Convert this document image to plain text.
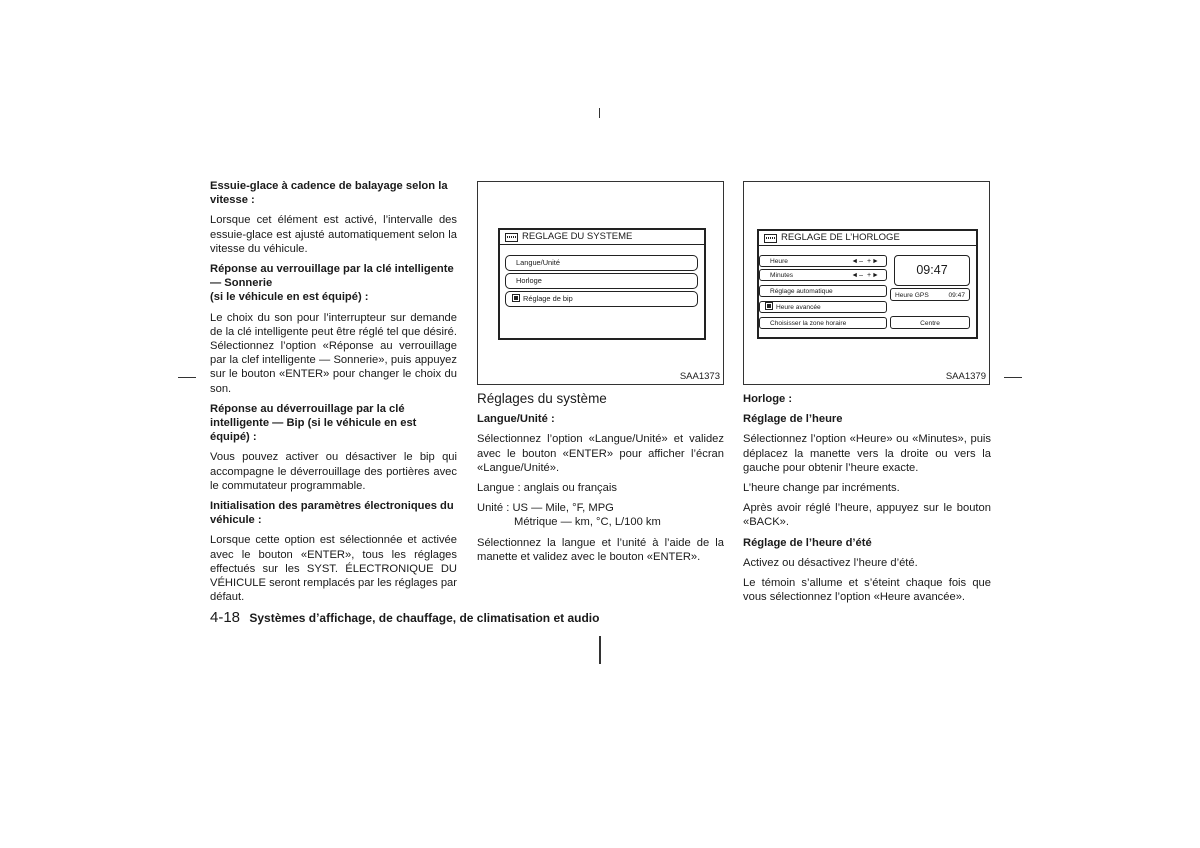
Essuie-glace à cadence de balayage selon la vitesse :

Lorsque cet élément est activé, l’intervalle des essuie-glace est ajusté automatiquement selon la vitesse du véhicule.

Réponse au verrouillage par la clé intelligente — Sonnerie
(si le véhicule en est équipé) :

Le choix du son pour l’interrupteur sur demande de la clé intelligente peut être réglé tel que désiré. Sélectionnez l’option «Réponse au verrouillage par la clef intelligente — Sonnerie», puis appuyez sur le bouton «ENTER» pour changer le choix du son.

Réponse au déverrouillage par la clé intelligente — Bip (si le véhicule en est équipé) :

Vous pouvez activer ou désactiver le bip qui accompagne le déverrouillage des portières avec le commutateur programmable.

Initialisation des paramètres électroniques du véhicule :

Lorsque cette option est sélectionnée et activée avec le bouton «ENTER», tous les réglages effectués sur les SYST. ÉLECTRONIQUE DU VÉHICULE seront remplacés par les réglages par défaut.

REGLAGE DU SYSTEME
Langue/Unité
Horloge
Réglage de bip
SAA1373
REGLAGE DE L’HORLOGE
Heure	◄– +►
Minutes	◄– +►
Réglage automatique
Heure avancée
Choisisser la zone horaire
09:47
Heure GPS	09:47
Centre
SAA1379

Réglages du système

Langue/Unité :

Sélectionnez l’option «Langue/Unité» et validez avec le bouton «ENTER» pour afficher l’écran «Langue/Unité».

Langue : anglais ou français

Unité : US — Mile, °F, MPG
Métrique — km, °C, L/100 km

Sélectionnez la langue et l’unité à l’aide de la manette et validez avec le bouton «ENTER».

Horloge :

Réglage de l’heure

Sélectionnez l’option «Heure» ou «Minutes», puis déplacez la manette vers la droite ou vers la gauche pour obtenir l’heure exacte.

L’heure change par incréments.

Après avoir réglé l’heure, appuyez sur le bouton «BACK».

Réglage de l’heure d’été

Activez ou désactivez l’heure d’été.

Le témoin s’allume et s’éteint chaque fois que vous sélectionnez l’option «Heure avancée».

4-18 Systèmes d’affichage, de chauffage, de climatisation et audio
